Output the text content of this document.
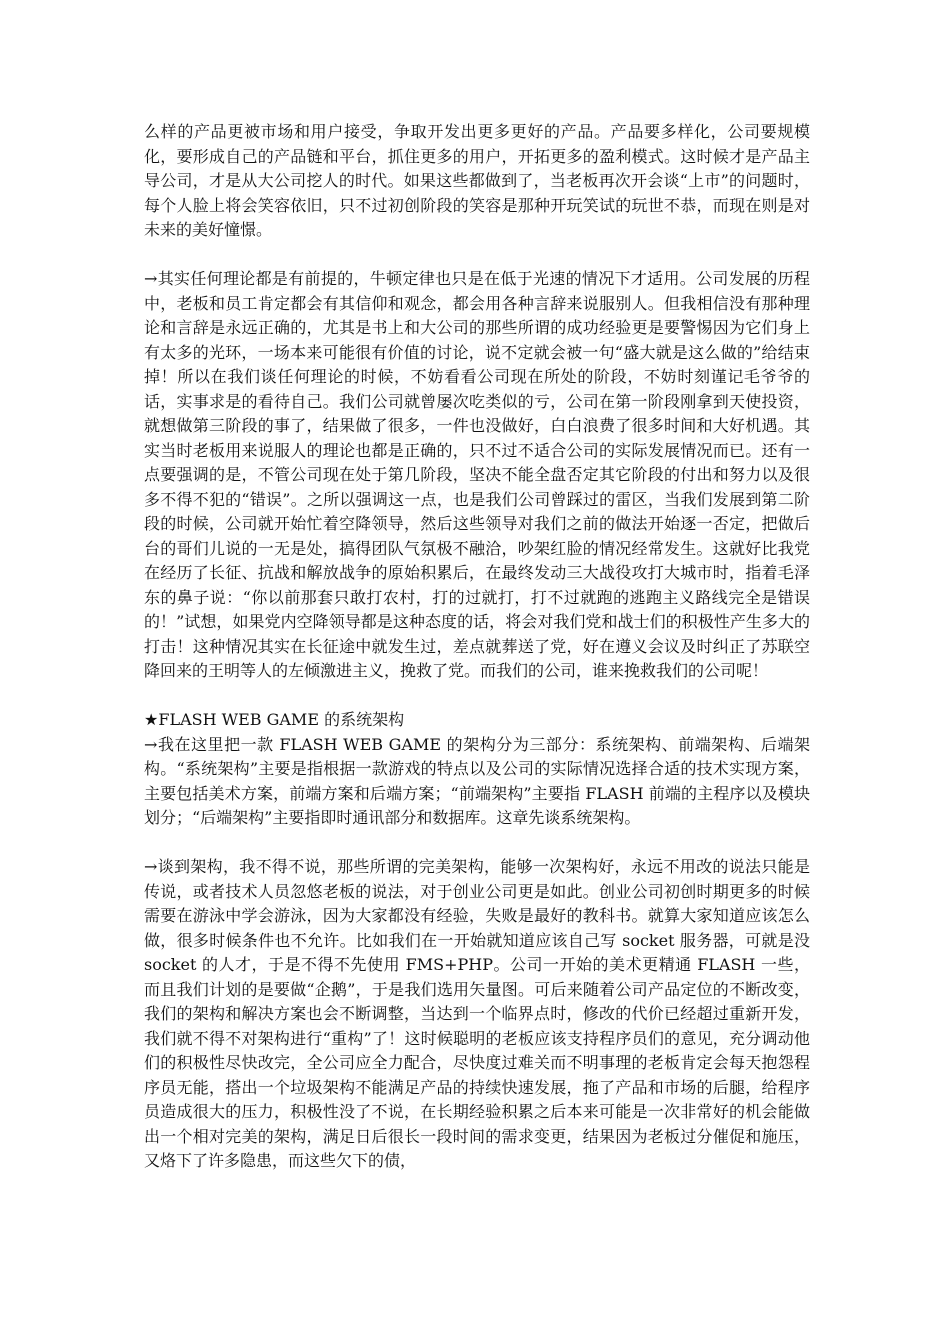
么样的产品更被市场和用户接受，争取开发出更多更好的产品。产品要多样化，公司要规模化，要形成自己的产品链和平台，抓住更多的用户，开拓更多的盈利模式。这时候才是产品主导公司，才是从大公司挖人的时代。如果这些都做到了，当老板再次开会谈“上市”的问题时，每个人脸上将会笑容依旧，只不过初创阶段的笑容是那种开玩笑试的玩世不恭，而现在则是对未来的美好憧憬。

→其实任何理论都是有前提的，牛顿定律也只是在低于光速的情况下才适用。公司发展的历程中，老板和员工肯定都会有其信仰和观念，都会用各种言辞来说服别人。但我相信没有那种理论和言辞是永远正确的，尤其是书上和大公司的那些所谓的成功经验更是要警惕因为它们身上有太多的光环，一场本来可能很有价值的讨论，说不定就会被一句“盛大就是这么做的”给结束掉！所以在我们谈任何理论的时候，不妨看看公司现在所处的阶段，不妨时刻谨记毛爷爷的话，实事求是的看待自己。我们公司就曾屡次吃类似的亏，公司在第一阶段刚拿到天使投资，就想做第三阶段的事了，结果做了很多，一件也没做好，白白浪费了很多时间和大好机遇。其实当时老板用来说服人的理论也都是正确的，只不过不适合公司的实际发展情况而已。还有一点要强调的是，不管公司现在处于第几阶段，坚决不能全盘否定其它阶段的付出和努力以及很多不得不犯的“错误”。之所以强调这一点，也是我们公司曾踩过的雷区，当我们发展到第二阶段的时候，公司就开始忙着空降领导，然后这些领导对我们之前的做法开始逐一否定，把做后台的哥们儿说的一无是处，搞得团队气氛极不融洽，吵架红脸的情况经常发生。这就好比我党在经历了长征、抗战和解放战争的原始积累后，在最终发动三大战役攻打大城市时，指着毛泽东的鼻子说：“你以前那套只敢打农村，打的过就打，打不过就跑的逃跑主义路线完全是错误的！”试想，如果党内空降领导都是这种态度的话，将会对我们党和战士们的积极性产生多大的打击！这种情况其实在长征途中就发生过，差点就葬送了党，好在遵义会议及时纠正了苏联空降回来的王明等人的左倾激进主义，挽救了党。而我们的公司，谁来挽救我们的公司呢！

★FLASH WEB GAME 的系统架构

→我在这里把一款 FLASH WEB GAME 的架构分为三部分：系统架构、前端架构、后端架构。“系统架构”主要是指根据一款游戏的特点以及公司的实际情况选择合适的技术实现方案，主要包括美术方案，前端方案和后端方案；“前端架构”主要指 FLASH 前端的主程序以及模块划分；“后端架构”主要指即时通讯部分和数据库。这章先谈系统架构。

→谈到架构，我不得不说，那些所谓的完美架构，能够一次架构好，永远不用改的说法只能是传说，或者技术人员忽悠老板的说法，对于创业公司更是如此。创业公司初创时期更多的时候需要在游泳中学会游泳，因为大家都没有经验，失败是最好的教科书。就算大家知道应该怎么做，很多时候条件也不允许。比如我们在一开始就知道应该自己写 socket 服务器，可就是没 socket 的人才，于是不得不先使用 FMS+PHP。公司一开始的美术更精通 FLASH 一些，而且我们计划的是要做“企鹅”，于是我们选用矢量图。可后来随着公司产品定位的不断改变，我们的架构和解决方案也会不断调整，当达到一个临界点时，修改的代价已经超过重新开发，我们就不得不对架构进行“重构”了！这时候聪明的老板应该支持程序员们的意见，充分调动他们的积极性尽快改完，全公司应全力配合，尽快度过难关而不明事理的老板肯定会每天抱怨程序员无能，搭出一个垃圾架构不能满足产品的持续快速发展，拖了产品和市场的后腿，给程序员造成很大的压力，积极性没了不说，在长期经验积累之后本来可能是一次非常好的机会能做出一个相对完美的架构，满足日后很长一段时间的需求变更，结果因为老板过分催促和施压，又烙下了许多隐患，而这些欠下的债，
